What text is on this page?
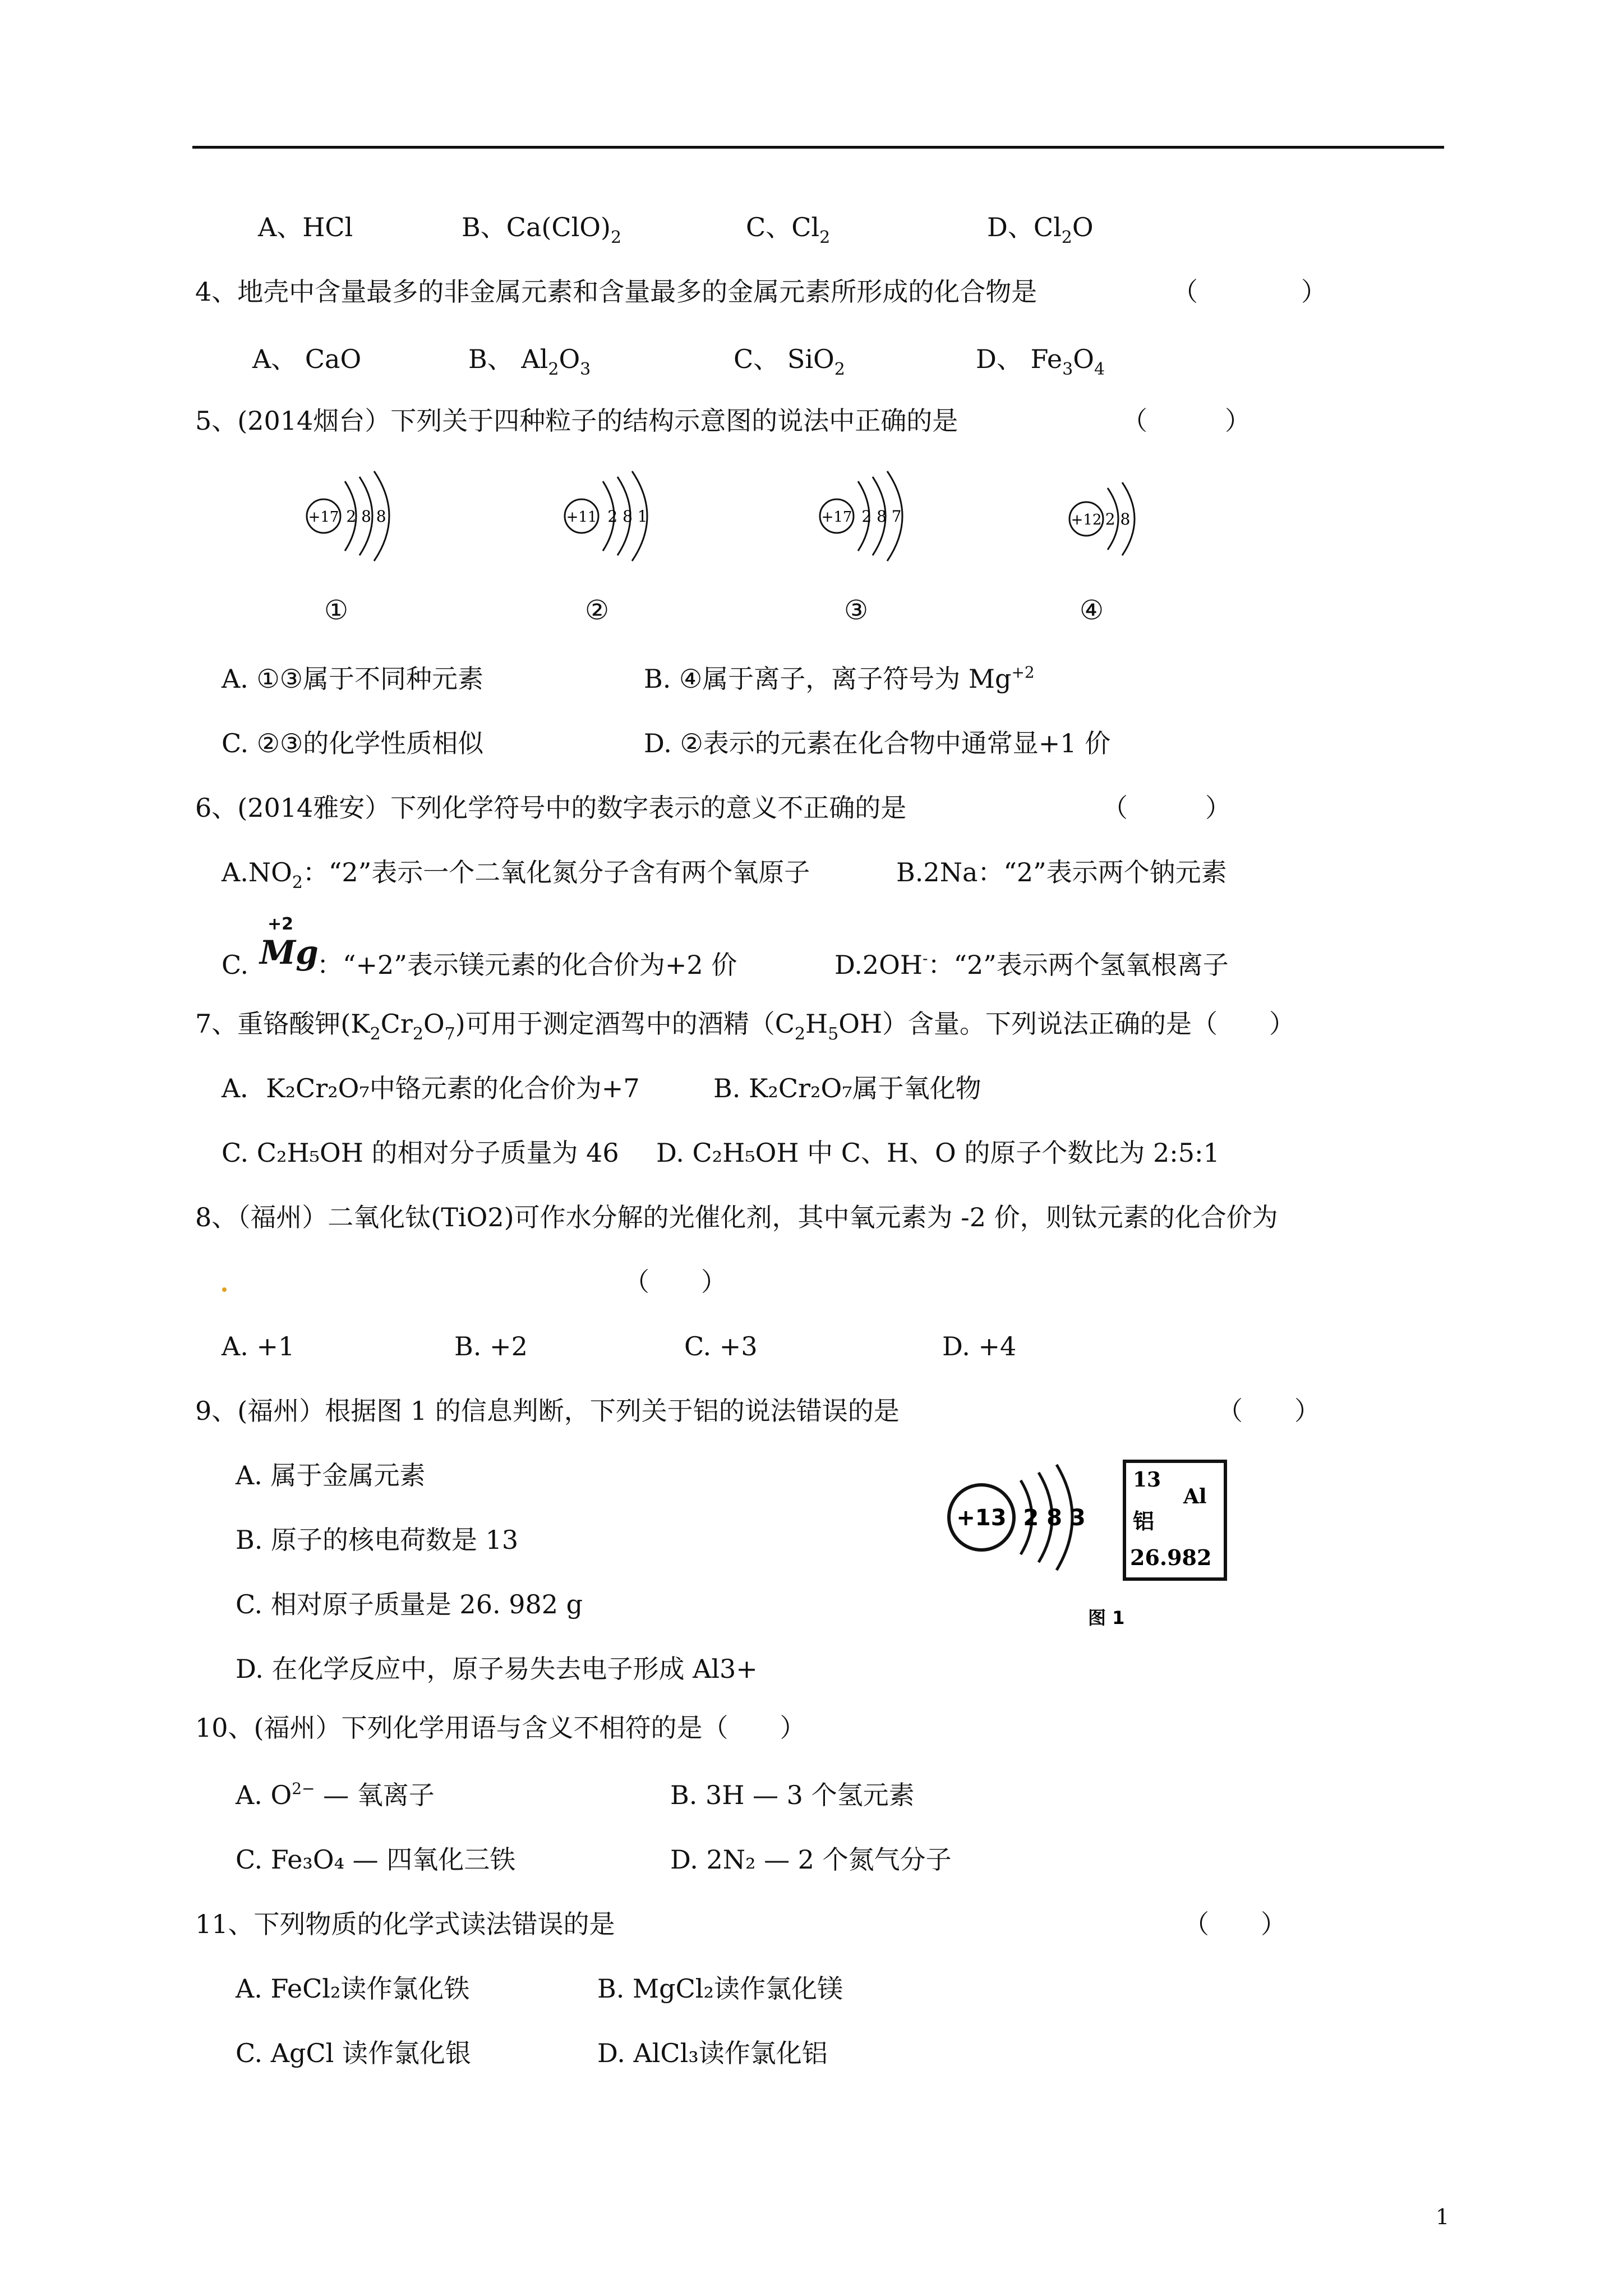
A、HCl	B、$Ca(ClO)_2$	C、$Cl_2$	D、$Cl_2O$
4、地壳中含量最多的非金属元素和含量最多的金属元素所形成的化合物是	（　　　　）
A、 CaO	B、 $Al_2O_3$	C、 SiO$_2$	D、 $Fe_3O_4$
5、(2014烟台）下列关于四种粒子的结构示意图的说法中正确的是	（　　　）
+17 2 8 8	+11 2 8 1	+17 2 8 7	+12 2 8
①	②	③	④
A. ①③属于不同种元素	B. ④属于离子，离子符号为 $Mg^{+2}$
C. ②③的化学性质相似	D. ②表示的元素在化合物中通常显+1 价
6、(2014雅安）下列化学符号中的数字表示的意义不正确的是	（　　　）
$A.NO_2$：“2”表示一个二氧化氮分子含有两个氧原子	B.2Na：“2”表示两个钠元素
C.
+2
Mg
：“+2”表示镁元素的化合价为+2 价	D.2OH-：“2”表示两个氢氧根离子
7、重铬酸钾$(K_2Cr_2O_7)$可用于测定酒驾中的酒精$(C_2H_5OH)$含量。下列说法正确的是（　　）
A．K₂Cr₂O₇中铬元素的化合价为+7	B. K₂Cr₂O₇属于氧化物
C. C₂H₅OH 的相对分子质量为 46 D. C₂H₅OH 中 C、H、O 的原子个数比为 2:5:1
8、（福州）二氧化钛(TiO2)可作水分解的光催化剂，其中氧元素为 -2 价，则钛元素的化合价为
（　　）
A. +1	B. +2	C. +3	D. +4
9、(福州）根据图 1 的信息判断，下列关于铝的说法错误的是	（　　）
A. 属于金属元素
B. 原子的核电荷数是 13
C. 相对原子质量是 26. 982 g
D. 在化学反应中，原子易失去电子形成 Al3+
+13 2 8 3
13
Al
铝
26.982
图 1
10、(福州）下列化学用语与含义不相符的是（　　）
A. $O^{2-}$ — 氧离子	B. 3H — 3 个氢元素
C. Fe₃O₄ — 四氧化三铁	D. 2N₂ — 2 个氮气分子
11、下列物质的化学式读法错误的是	（　　）
A. FeCl₂读作氯化铁	B. MgCl₂读作氯化镁
C. AgCl 读作氯化银	D. AlCl₃读作氯化铝
1
